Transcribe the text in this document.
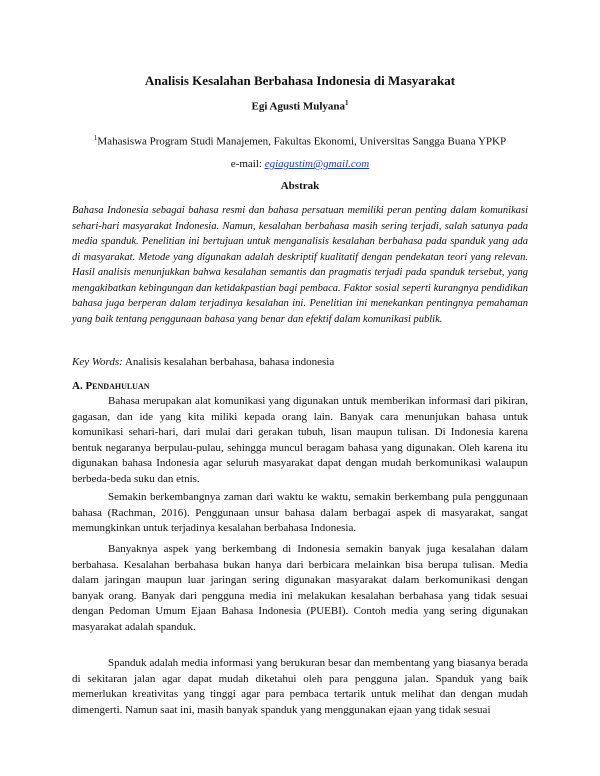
Analisis Kesalahan Berbahasa Indonesia di Masyarakat
Egi Agusti Mulyana$^1$
$^1$Mahasiswa Program Studi Manajemen, Fakultas Ekonomi, Universitas Sangga Buana YPKP
e-mail: egiagustim@gmail.com
Abstrak

Bahasa Indonesia sebagai bahasa resmi dan bahasa persatuan memiliki peran penting dalam komunikasi sehari-hari masyarakat Indonesia. Namun, kesalahan berbahasa masih sering terjadi, salah satunya pada media spanduk. Penelitian ini bertujuan untuk menganalisis kesalahan berbahasa pada spanduk yang ada di masyarakat. Metode yang digunakan adalah deskriptif kualitatif dengan pendekatan teori yang relevan. Hasil analisis menunjukkan bahwa kesalahan semantis dan pragmatis terjadi pada spanduk tersebut, yang mengakibatkan kebingungan dan ketidakpastian bagi pembaca. Faktor sosial seperti kurangnya pendidikan bahasa juga berperan dalam terjadinya kesalahan ini. Penelitian ini menekankan pentingnya pemahaman yang baik tentang penggunaan bahasa yang benar dan efektif dalam komunikasi publik.

Key Words: Analisis kesalahan berbahasa, bahasa indonesia

A. Pendahuluan

Bahasa merupakan alat komunikasi yang digunakan untuk memberikan informasi dari pikiran, gagasan, dan ide yang kita miliki kepada orang lain. Banyak cara menunjukan bahasa untuk komunikasi sehari-hari, dari mulai dari gerakan tubuh, lisan maupun tulisan. Di Indonesia karena bentuk negaranya berpulau-pulau, sehingga muncul beragam bahasa yang digunakan. Oleh karena itu digunakan bahasa Indonesia agar seluruh masyarakat dapat dengan mudah berkomunikasi walaupun berbeda-beda suku dan etnis.

Semakin berkembangnya zaman dari waktu ke waktu, semakin berkembang pula penggunaan bahasa (Rachman, 2016). Penggunaan unsur bahasa dalam berbagai aspek di masyarakat, sangat memungkinkan untuk terjadinya kesalahan berbahasa Indonesia.

Banyaknya aspek yang berkembang di Indonesia semakin banyak juga kesalahan dalam berbahasa. Kesalahan berbahasa bukan hanya dari berbicara melainkan bisa berupa tulisan. Media dalam jaringan maupun luar jaringan sering digunakan masyarakat dalam berkomunikasi dengan banyak orang. Banyak dari pengguna media ini melakukan kesalahan berbahasa yang tidak sesuai dengan Pedoman Umum Ejaan Bahasa Indonesia (PUEBI). Contoh media yang sering digunakan masyarakat adalah spanduk.

Spanduk adalah media informasi yang berukuran besar dan membentang yang biasanya berada di sekitaran jalan agar dapat mudah diketahui oleh para pengguna jalan. Spanduk yang baik memerlukan kreativitas yang tinggi agar para pembaca tertarik untuk melihat dan dengan mudah dimengerti. Namun saat ini, masih banyak spanduk yang menggunakan ejaan yang tidak sesuai
